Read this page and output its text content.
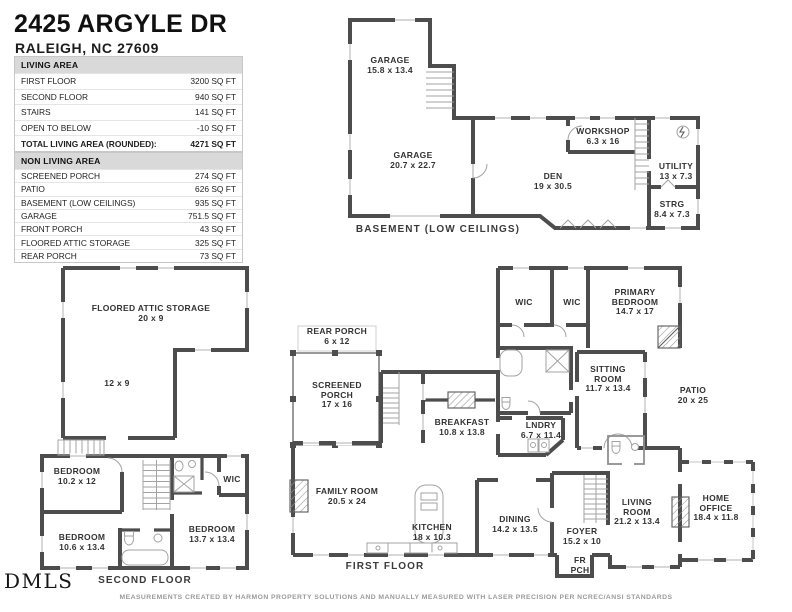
2425 ARGYLE DR
RALEIGH, NC 27609
LIVING AREA
FIRST FLOOR	3200 SQ FT
SECOND FLOOR	940 SQ FT
STAIRS	141 SQ FT
OPEN TO BELOW	-10 SQ FT
TOTAL LIVING AREA (ROUNDED):	4271 SQ FT
NON LIVING AREA
SCREENED PORCH	274 SQ FT
PATIO	626 SQ FT
BASEMENT (LOW CEILINGS)	935 SQ FT
GARAGE	751.5 SQ FT
FRONT PORCH	43 SQ FT
FLOORED ATTIC STORAGE	325 SQ FT
REAR PORCH	73 SQ FT
BASEMENT (LOW CEILINGS)
SECOND FLOOR
FIRST FLOOR
GARAGE
15.8 x 13.4
GARAGE
20.7 x 22.7
DEN
19 x 30.5
WORKSHOP
6.3 x 16
UTILITY
13 x 7.3
STRG
8.4 x 7.3
FLOORED ATTIC STORAGE
20 x 9
12 x 9
BEDROOM
10.2 x 12
BEDROOM
10.6 x 13.4
BEDROOM
13.7 x 13.4
WIC
REAR PORCH
6 x 12
SCREENED PORCH
17 x 16
BREAKFAST
10.8 x 13.8
FAMILY ROOM
20.5 x 24
KITCHEN
18 x 10.3
DINING
14.2 x 13.5
WIC	WIC
PRIMARY BEDROOM
14.7 x 17
SITTING ROOM
11.7 x 13.4	PATIO
20 x 25
LNDRY
6.7 x 11.4
FOYER
15.2 x 10
LIVING ROOM
21.2 x 13.4
HOME OFFICE
18.4 x 11.8
FR PCH
DMLS
MEASUREMENTS CREATED BY HARMON PROPERTY SOLUTIONS AND MANUALLY MEASURED WITH LASER PRECISION PER NCREC/ANSI STANDARDS
